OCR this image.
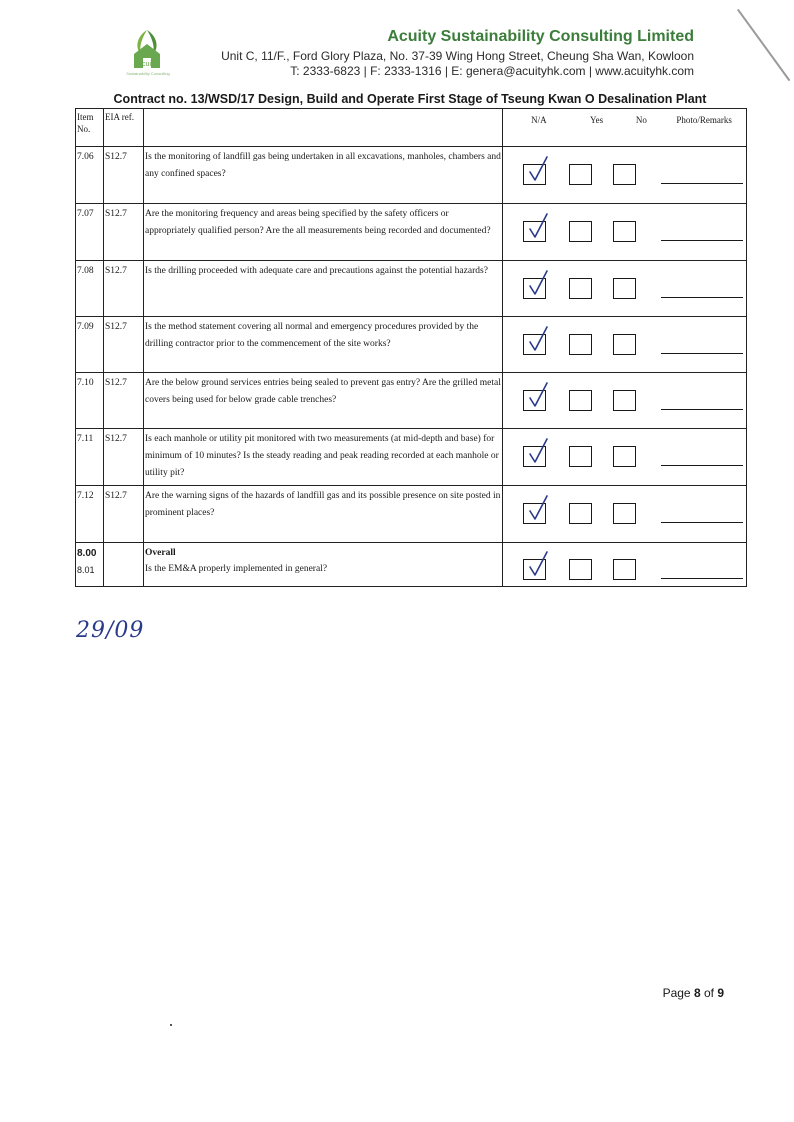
Acuity
Sustainability Consulting
Acuity Sustainability Consulting Limited
Unit C, 11/F., Ford Glory Plaza, No. 37-39 Wing Hong Street, Cheung Sha Wan, Kowloon
T: 2333-6823 | F: 2333-1316 | E: genera@acuityhk.com | www.acuityhk.com
Contract no. 13/WSD/17 Design, Build and Operate First Stage of Tseung Kwan O Desalination Plant
Item No.	EIA ref.		N/A Yes No Photo/Remarks

7.06	S12.7	Is the monitoring of landfill gas being undertaken in all excavations, manholes, chambers and any confined spaces?	

7.07	S12.7	Are the monitoring frequency and areas being specified by the safety officers or appropriately qualified person? Are the all measurements being recorded and documented?	

7.08	S12.7	Is the drilling proceeded with adequate care and precautions against the potential hazards?	

7.09	S12.7	Is the method statement covering all normal and emergency procedures provided by the drilling contractor prior to the commencement of the site works?	

7.10	S12.7	Are the below ground services entries being sealed to prevent gas entry? Are the grilled metal covers being used for below grade cable trenches?	

7.11	S12.7	Is each manhole or utility pit monitored with two measurements (at mid-depth and base) for minimum of 10 minutes? Is the steady reading and peak reading recorded at each manhole or utility pit?	

7.12	S12.7	Are the warning signs of the hazards of landfill gas and its possible presence on site posted in prominent places?	

8.00
8.01		Overall
Is the EM&A properly implemented in general?	
29/09
Page 8 of 9
